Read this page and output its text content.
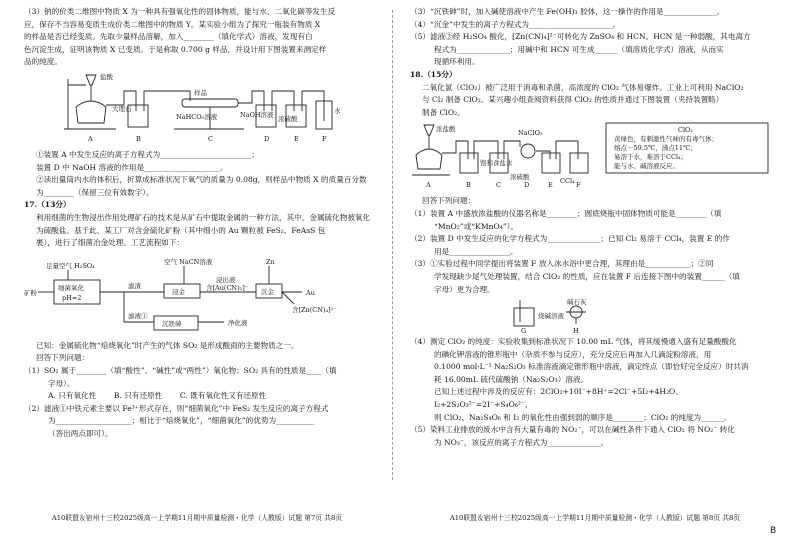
（3）钠的价类二维图中物质 X 为一种具有强氧化性的固体物质，能与水、二氧化碳等发生反

应，保存不当容易变质生成价类二维图中的物质 Y。某实验小组为了探究一瓶装有物质 X

的样品是否已经变质。先取少量样品溶解，加入________（填化学式）溶液，发现有白

色沉淀生成，证明该物质 X 已变质。于是称取 0.700 g 样品，并设计用下图装置来测定样

品的纯度。

盐酸
样品
大理石
NaHCO₃溶液	NaOH溶液 浓硫酸
水
A	B	C	D	E	F

①装置 A 中发生反应的离子方程式为________________________；

装置 D 中 NaOH 溶液的作用是____________________。

②读出量筒内水的体积后，折算成标准状况下氧气的质量为 0.08g，则样品中物质 X 的质量百分数

为________（保留三位有效数字）。

17.（13分）

利用细菌的生物浸出作用处理矿石的技术是从矿石中提取金属的一种方法，其中，金属硫化物被氧化

为硫酸盐。基于此，某工厂对含金硫化矿粉（其中细小的 Au 颗粒被 FeS₂、FeAsS 包

裹），进行了细菌冶金处理。工艺流程如下：

足量空气 H₂SO₄	空气 NaCN溶液	Zn
矿粉
细菌氧化
pH=2
滤渣
浸金
浸出液
含[Au(CN)₂]⁻ 沉金	Au
含[Zn(CN)₄]²⁻
滤液①
沉铁砷	净化液

已知：金属硫化物“焙烧氧化”时产生的气体 SO₂ 是形成酸雨的主要物质之一。

回答下列问题：

（1）SO₂ 属于________（填“酸性”、“碱性”或“两性”）氧化物；SO₂ 具有的性质是____（填

字母）。

A. 只有氧化性　　 B. 只有还原性　　 C. 既有氧化性又有还原性

（2）滤液①中铁元素主要以 Fe³⁺形式存在，则“细菌氧化”中 FeS₂ 发生反应的离子方程式

为____________________；相比于“焙烧氧化”，“细菌氧化”的优势为__________

（答出两点即可）。

（3）“沉铁砷”时，加入碱使溶液中产生 Fe(OH)₃ 胶体，这一操作的作用是______________。

（4）“沉金”中发生的离子方程式为______________________。

（5）滤液②经 H₂SO₄ 酸化，[Zn(CN)₄]²⁻可转化为 ZnSO₄ 和 HCN。HCN 是一种弱酸，其电离方

程式为______________；用碱中和 HCN 可生成______（填溶质化学式）溶液，从而实

现循环利用。

18.（15分）

二氧化氯（ClO₂）被广泛用于消毒和杀菌，高浓度的 ClO₂ 气体易爆炸。工业上可利用 NaClO₂

与 Cl₂ 制备 ClO₂。某兴趣小组查阅资料获得 ClO₂ 的性质并通过下图装置（夹持装置略）

制备 ClO₂。

浓盐酸	NaClO₂
饱和食盐水
浓硫酸	CCl₄
A	B	C	D	E	F
ClO₂
黄绿色，有刺激性气味的有毒气体；
熔点－59.5℃，沸点11℃；
易溶于水，难溶于CCl₄；
能与水、碱溶液反应。

回答下列问题：

（1）装置 A 中盛放浓盐酸的仪器名称是________；圆底烧瓶中固体物质可能是________（填

“MnO₂”或“KMnO₄”）。

（2）装置 D 中发生反应的化学方程式为______________；已知 Cl₂ 易溶于 CCl₄，装置 E 的作

用是________________。

（3）①实验过程中同学提出将装置 F 放入冰水浴中更合理，其理由是____________；②同

学发现缺少尾气处理装置，结合 ClO₂ 的性质，应在装置 F 后连接下图中的装置______（填

字母）更为合理。

烧碱溶液
碱石灰
G	H

（4）测定 ClO₂ 的纯度：实验收集到标准状况下 10.00 mL 气体，将其缓慢通入盛有足量酸酸化

的碘化钾溶液的锥形瓶中（杂质不参与反应），充分反应后再加入几滴淀粉溶液，用

0.1000 mol·L⁻¹ Na₂S₂O₃ 标准溶液滴定锥形瓶中溶液，滴定终点（即恰好完全反应）时共消

耗 16.00mL 硫代硫酸钠（Na₂S₂O₃）溶液。

已知上述过程中涉及的反应有：2ClO₂+10I⁻+8H⁺=2Cl⁻+5I₂+4H₂O、I₂+2S₂O₃²⁻=2I⁻+S₄O₆²⁻，

则 ClO₂、Na₂S₄O₆ 和 I₂ 的氧化性由强到弱的顺序是________；ClO₂ 的纯度为______。

（5）染料工业排放的废水中含有大量有毒的 NO₂⁻，可以在碱性条件下通入 ClO₂ 将 NO₂⁻ 转化

为 NO₃⁻，该反应的离子方程式为______________。

A10联盟＆宿州十三校2025级高一上学期11月期中质量检测・化学（人教版）试题 第7页 共8页	A10联盟＆宿州十三校2025级高一上学期11月期中质量检测・化学（人教版）试题 第8页 共8页
B
